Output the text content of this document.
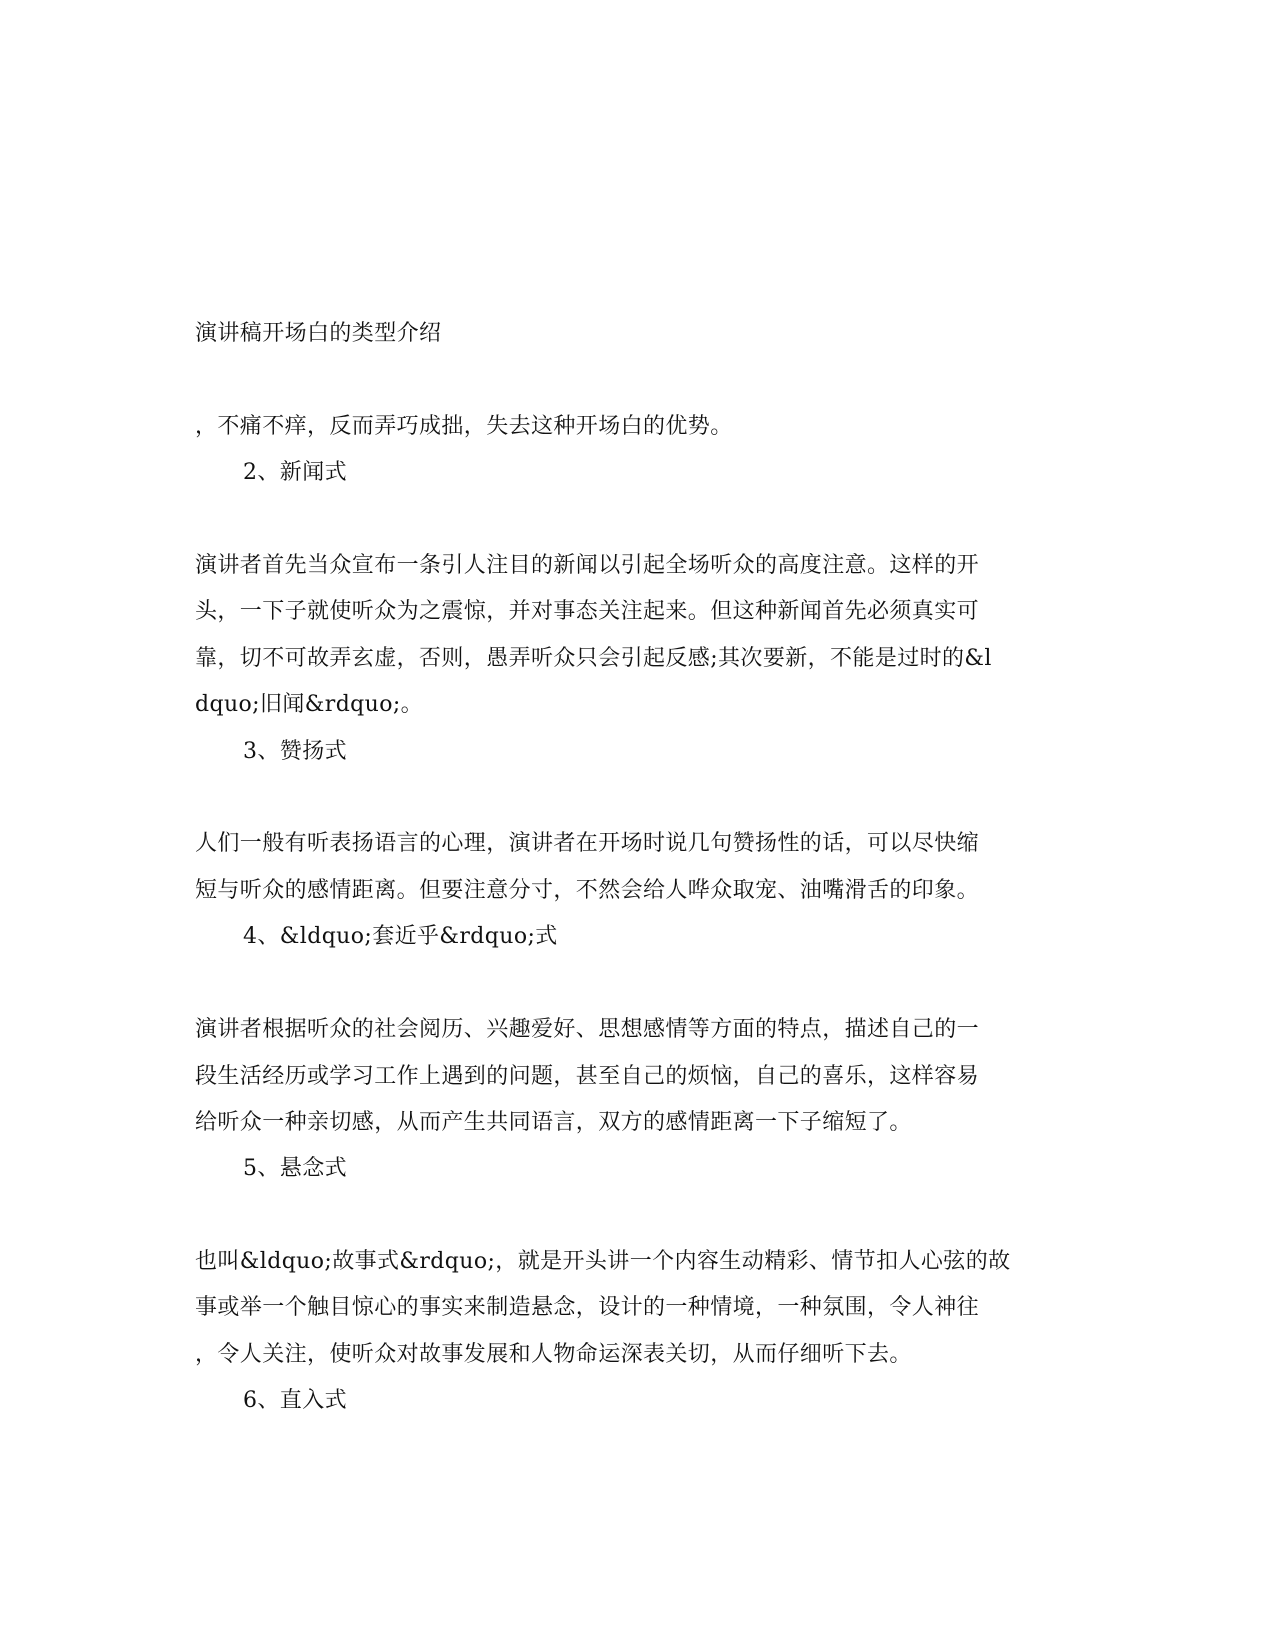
演讲稿开场白的类型介绍
，不痛不痒，反而弄巧成拙，失去这种开场白的优势。
2、新闻式
演讲者首先当众宣布一条引人注目的新闻以引起全场听众的高度注意。这样的开
头，一下子就使听众为之震惊，并对事态关注起来。但这种新闻首先必须真实可
靠，切不可故弄玄虚，否则，愚弄听众只会引起反感;其次要新，不能是过时的&l
dquo;旧闻&rdquo;。
3、赞扬式
人们一般有听表扬语言的心理，演讲者在开场时说几句赞扬性的话，可以尽快缩
短与听众的感情距离。但要注意分寸，不然会给人哗众取宠、油嘴滑舌的印象。
4、&ldquo;套近乎&rdquo;式
演讲者根据听众的社会阅历、兴趣爱好、思想感情等方面的特点，描述自己的一
段生活经历或学习工作上遇到的问题，甚至自己的烦恼，自己的喜乐，这样容易
给听众一种亲切感，从而产生共同语言，双方的感情距离一下子缩短了。
5、悬念式
也叫&ldquo;故事式&rdquo;，就是开头讲一个内容生动精彩、情节扣人心弦的故
事或举一个触目惊心的事实来制造悬念，设计的一种情境，一种氛围，令人神往
，令人关注，使听众对故事发展和人物命运深表关切，从而仔细听下去。
6、直入式
